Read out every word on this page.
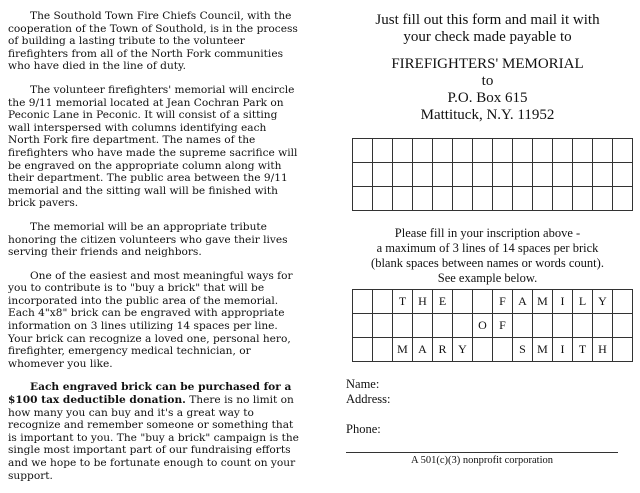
The Southold Town Fire Chiefs Council, with the cooperation of the Town of Southold, is in the process of building a lasting tribute to the volunteer firefighters from all of the North Fork communities who have died in the line of duty.

The volunteer firefighters' memorial will encircle the 9/11 memorial located at Jean Cochran Park on Peconic Lane in Peconic. It will consist of a sitting wall interspersed with columns identifying each North Fork fire department. The names of the firefighters who have made the supreme sacrifice will be engraved on the appropriate column along with their department. The public area between the 9/11 memorial and the sitting wall will be finished with brick pavers.

The memorial will be an appropriate tribute honoring the citizen volunteers who gave their lives serving their friends and neighbors.

One of the easiest and most meaningful ways for you to contribute is to "buy a brick" that will be incorporated into the public area of the memorial. Each 4"x8" brick can be engraved with appropriate information on 3 lines utilizing 14 spaces per line. Your brick can recognize a loved one, personal hero, firefighter, emergency medical technician, or whomever you like.

Each engraved brick can be purchased for a $100 tax deductible donation. There is no limit on how many you can buy and it's a great way to recognize and remember someone or something that is important to you. The "buy a brick" campaign is the single most important part of our fundraising efforts and we hope to be fortunate enough to count on your support.

Just fill out this form and mail it with
your check made payable to
FIREFIGHTERS' MEMORIAL
to
P.O. Box 615
Mattituck, N.Y. 11952

Please fill in your inscription above -
a maximum of 3 lines of 14 spaces per brick
(blank spaces between names or words count).
See example below.
		T	H	E			F	A	M	I	L	Y	
						O	F						
		M	A	R	Y			S	M	I	T	H	
Name:
Address:

Phone:
A 501(c)(3) nonprofit corporation
